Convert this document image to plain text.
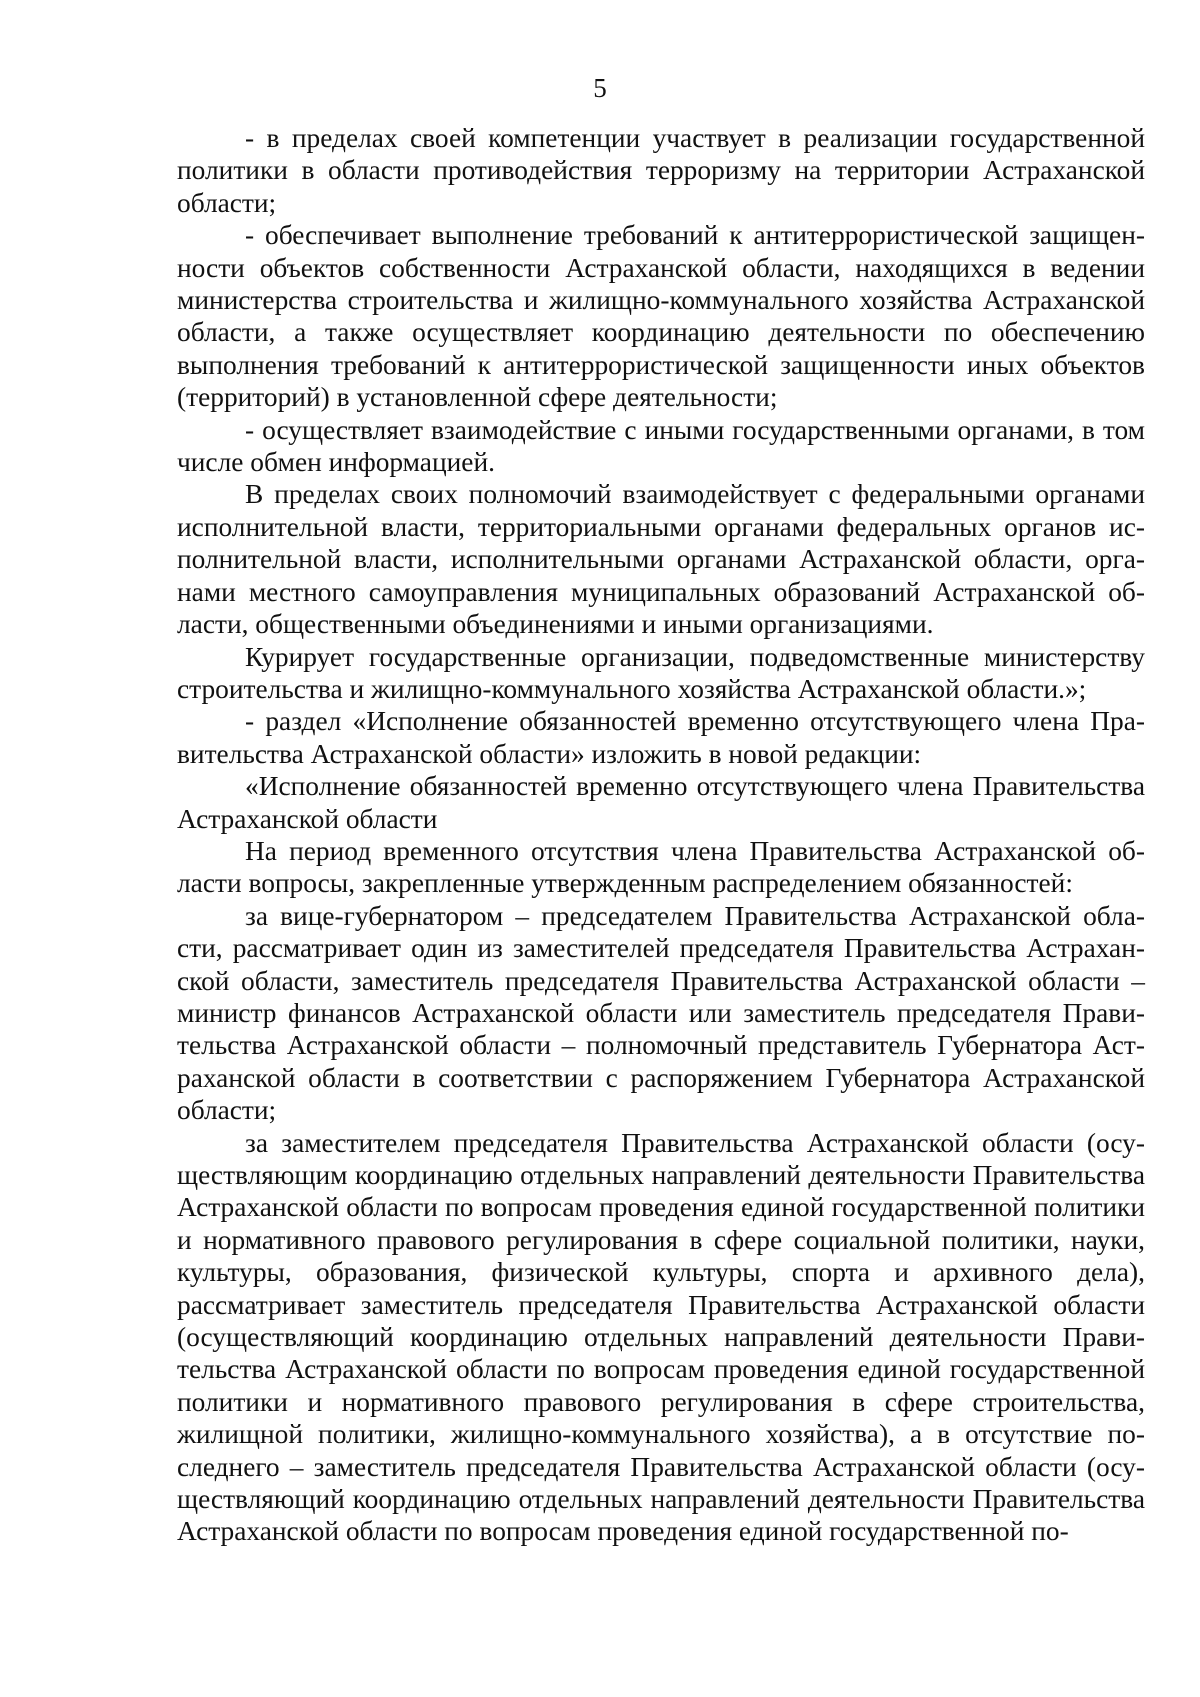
5

- в пределах своей компетенции участвует в реализации государственной политики в области противодействия терроризму на территории Астраханской области;

- обеспечивает выполнение требований к антитеррористической защищенности объектов собственности Астраханской области, находящихся в ведении министерства строительства и жилищно-коммунального хозяйства Астраханской области, а также осуществляет координацию деятельности по обеспечению выполнения требований к антитеррористической защищенности иных объектов (территорий) в установленной сфере деятельности;

- осуществляет взаимодействие с иными государственными органами, в том числе обмен информацией.

В пределах своих полномочий взаимодействует с федеральными органами исполнительной власти, территориальными органами федеральных органов исполнительной власти, исполнительными органами Астраханской области, органами местного самоуправления муниципальных образований Астраханской области, общественными объединениями и иными организациями.

Курирует государственные организации, подведомственные министерству строительства и жилищно-коммунального хозяйства Астраханской области.»;

- раздел «Исполнение обязанностей временно отсутствующего члена Правительства Астраханской области» изложить в новой редакции:

«Исполнение обязанностей временно отсутствующего члена Правительства Астраханской области

На период временного отсутствия члена Правительства Астраханской области вопросы, закрепленные утвержденным распределением обязанностей:

за вице-губернатором – председателем Правительства Астраханской области, рассматривает один из заместителей председателя Правительства Астраханской области, заместитель председателя Правительства Астраханской области – министр финансов Астраханской области или заместитель председателя Правительства Астраханской области – полномочный представитель Губернатора Астраханской области в соответствии с распоряжением Губернатора Астраханской области;

за заместителем председателя Правительства Астраханской области (осуществляющим координацию отдельных направлений деятельности Правительства Астраханской области по вопросам проведения единой государственной политики и нормативного правового регулирования в сфере социальной политики, науки, культуры, образования, физической культуры, спорта и архивного дела), рассматривает заместитель председателя Правительства Астраханской области (осуществляющий координацию отдельных направлений деятельности Правительства Астраханской области по вопросам проведения единой государственной политики и нормативного правового регулирования в сфере строительства, жилищной политики, жилищно-коммунального хозяйства), а в отсутствие последнего – заместитель председателя Правительства Астраханской области (осуществляющий координацию отдельных направлений деятельности Правительства Астраханской области по вопросам проведения единой государственной по-
